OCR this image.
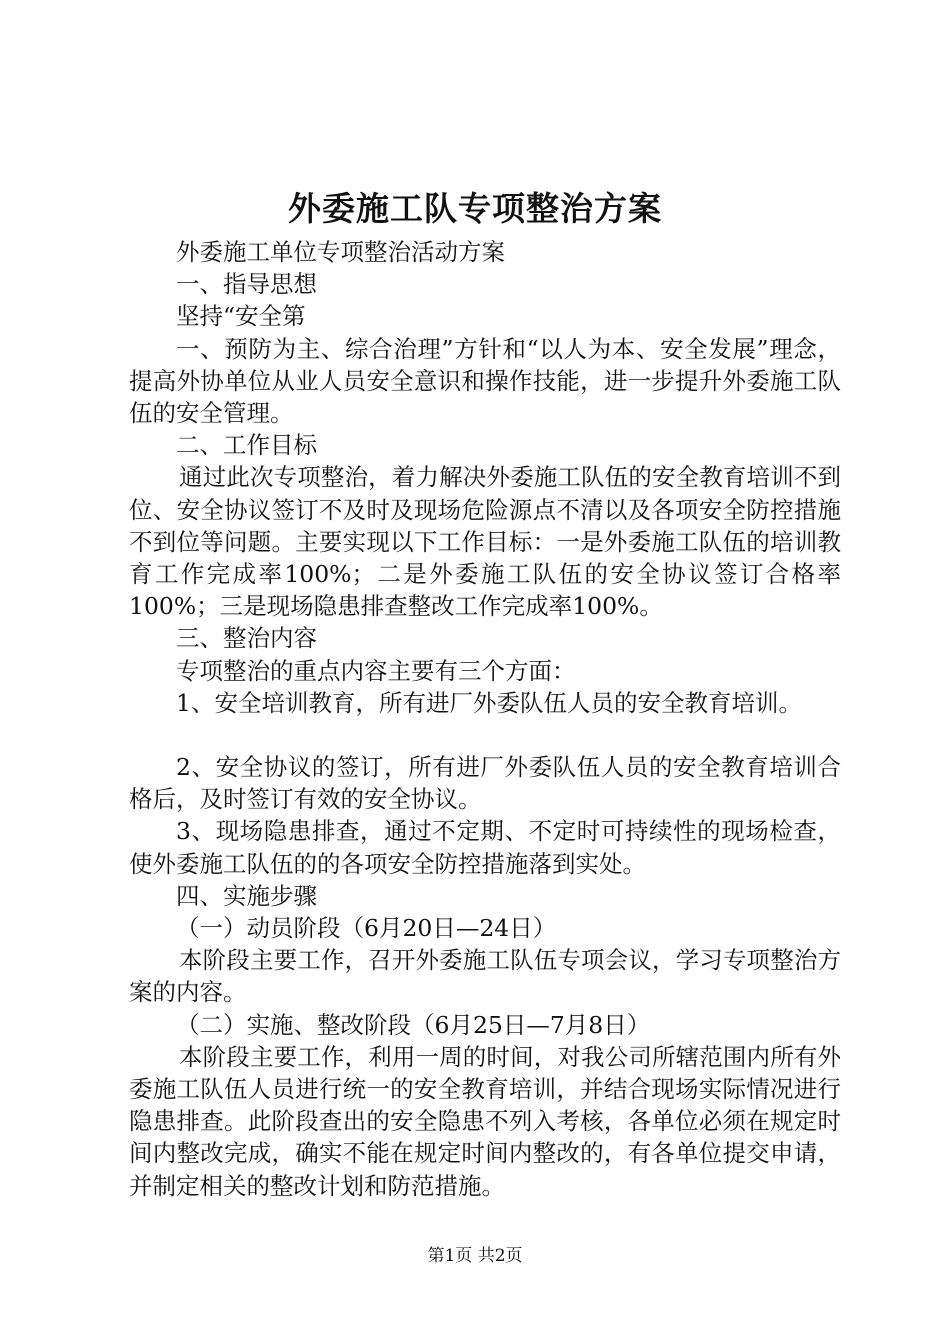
外委施工队专项整治方案

外委施工单位专项整治活动方案

一、指导思想

坚持“安全第

一、预防为主、综合治理”方针和“以人为本、安全发展”理念，提高外协单位从业人员安全意识和操作技能，进一步提升外委施工队伍的安全管理。

二、工作目标

通过此次专项整治，着力解决外委施工队伍的安全教育培训不到位、安全协议签订不及时及现场危险源点不清以及各项安全防控措施不到位等问题。主要实现以下工作目标：一是外委施工队伍的培训教育工作完成率100%；二是外委施工队伍的安全协议签订合格率100%；三是现场隐患排查整改工作完成率100%。

三、整治内容

专项整治的重点内容主要有三个方面：

1、安全培训教育，所有进厂外委队伍人员的安全教育培训。

2、安全协议的签订，所有进厂外委队伍人员的安全教育培训合格后，及时签订有效的安全协议。

3、现场隐患排查，通过不定期、不定时可持续性的现场检查，使外委施工队伍的的各项安全防控措施落到实处。

四、实施步骤

（一）动员阶段（6月20日—24日）

本阶段主要工作，召开外委施工队伍专项会议，学习专项整治方案的内容。

（二）实施、整改阶段（6月25日—7月8日）

本阶段主要工作，利用一周的时间，对我公司所辖范围内所有外委施工队伍人员进行统一的安全教育培训，并结合现场实际情况进行隐患排查。此阶段查出的安全隐患不列入考核，各单位必须在规定时间内整改完成，确实不能在规定时间内整改的，有各单位提交申请，并制定相关的整改计划和防范措施。

第1页 共2页
